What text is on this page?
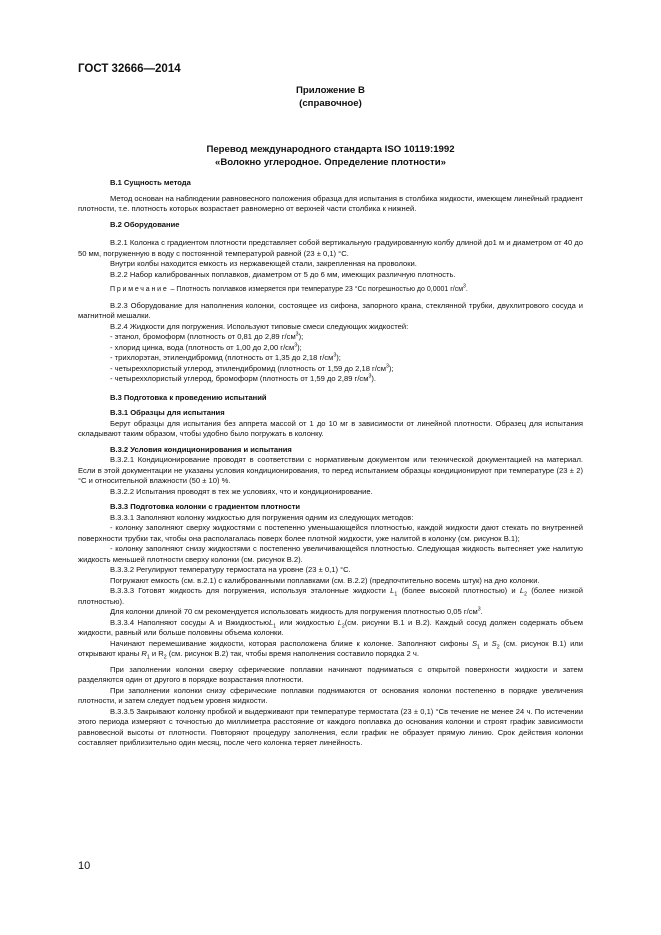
ГОСТ 32666—2014
Приложение В
(справочное)
Перевод международного стандарта ISO 10119:1992
«Волокно углеродное. Определение плотности»
В.1 Сущность метода
Метод основан на наблюдении равновесного положения образца для испытания в столбика жидкости, имеющем линейный градиент плотности, т.е. плотность которых возрастает равномерно от верхней части столбика к нижней.
В.2 Оборудование
В.2.1 Колонка с градиентом плотности представляет собой вертикальную градуированную колбу длиной до1 м и диаметром от 40 до 50 мм, погруженную в воду с постоянной температурой равной (23 ± 0,1) °С.
Внутри колбы находится емкость из нержавеющей стали, закрепленная на проволоки.
В.2.2 Набор калиброванных поплавков, диаметром от 5 до 6 мм, имеющих различную плотность.
Примечание – Плотность поплавков измеряется при температуре 23 °Сс погрешностью до 0,0001 $г/см^3$.
В.2.3 Оборудование для наполнения колонки, состоящее из сифона, запорного крана, стеклянной трубки, двухлитрового сосуда и магнитной мешалки.
В.2.4 Жидкости для погружения. Используют типовые смеси следующих жидкостей:
- этанол, бромоформ (плотность от 0,81 до 2,89 $г/см^3$);
- хлорид цинка, вода (плотность от 1,00 до 2,00 $г/см^3$);
- трихлорэтан, этилендибромид (плотность от 1,35 до 2,18 $г/см^3$);
- четыреххлористый углерод, этилендибромид (плотность от 1,59 до 2,18 $г/см^3$);
- четыреххлористый углерод, бромоформ (плотность от 1,59 до 2,89 $г/см^3$).
В.3 Подготовка к проведению испытаний
В.3.1 Образцы для испытания
Берут образцы для испытания без аппрета массой от 1 до 10 мг в зависимости от линейной плотности. Образец для испытания складывают таким образом, чтобы удобно было погружать в колонку.
В.3.2 Условия кондиционирования и испытания
В.3.2.1 Кондиционирование проводят в соответствии с нормативным документом или технической документацией на материал. Если в этой документации не указаны условия кондиционирования, то перед испытанием образцы кондиционируют при температуре (23 ± 2) °С и относительной влажности (50 ± 10) %.
В.3.2.2 Испытания проводят в тех же условиях, что и кондиционирование.
В.3.3 Подготовка колонки с градиентом плотности
В.3.3.1 Заполняют колонку жидкостью для погружения одним из следующих методов:
- колонку заполняют сверху жидкостями с постепенно уменьшающейся плотностью, каждой жидкости дают стекать по внутренней поверхности трубки так, чтобы она располагалась поверх более плотной жидкости, уже налитой в колонку (см. рисунок В.1);
- колонку заполняют снизу жидкостями с постепенно увеличивающейся плотностью. Следующая жидкость вытесняет уже налитую жидкость меньшей плотности сверху колонки (см. рисунок В.2).
В.3.3.2 Регулируют температуру термостата на уровне (23 ± 0,1) °С.
Погружают емкость (см. в.2.1) с калиброванными поплавками (см. В.2.2) (предпочтительно восемь штук) на дно колонки.
В.3.3.3 Готовят жидкость для погружения, используя эталонные жидкости $L_1$ (более высокой плотностью) и $L_2$ (более низкой плотностью).
Для колонки длиной 70 см рекомендуется использовать жидкость для погружения плотностью 0,05 $г/см^3$.
В.3.3.4 Наполняют сосуды А и ВжидкостьюL$_1$ или жидкостью $L_2(см$. рисунки В.1 и В.2). Каждый сосуд должен содержать объем жидкости, равный или больше половины объема колонки.
Начинают перемешивание жидкости, которая расположена ближе к колонке. Заполняют сифоны $S_1$ и $S_2$ (см. рисунок В.1) или открывают краны $R_1$ и $R_2$ (см. рисунок В.2) так, чтобы время наполнения составило порядка 2 ч.
При заполнении колонки сверху сферические поплавки начинают подниматься с открытой поверхности жидкости и затем разделяются один от другого в порядке возрастания плотности.
При заполнении колонки снизу сферические поплавки поднимаются от основания колонки постепенно в порядке увеличения плотности, и затем следует подъем уровня жидкости.
В.3.3.5 Закрывают колонку пробкой и выдерживают при температуре термостата (23 ± 0,1) °Св течение не менее 24 ч. По истечении этого периода измеряют с точностью до миллиметра расстояние от каждого поплавка до основания колонки и строят график зависимости равновесной высоты от плотности. Повторяют процедуру заполнения, если график не образует прямую линию. Срок действия колонки составляет приблизительно один месяц, после чего колонка теряет линейность.
10
